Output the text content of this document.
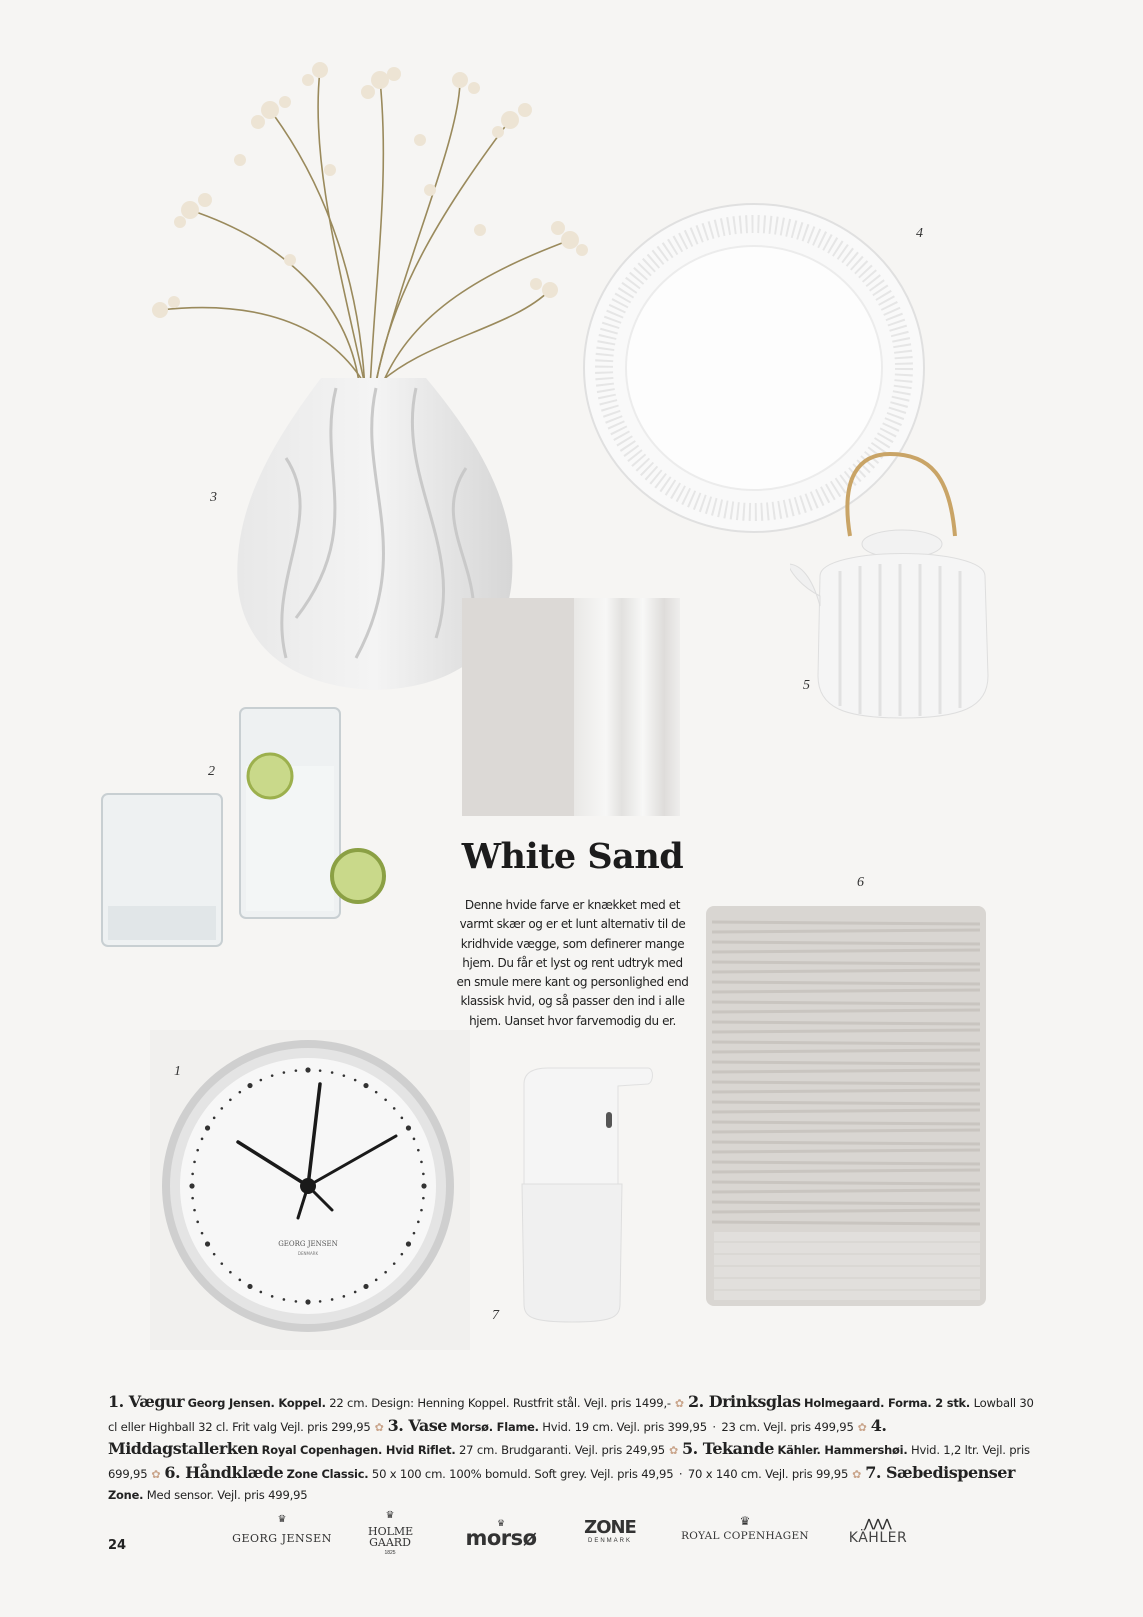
White Sand
Denne hvide farve er knækket med et varmt skær og er et lunt alternativ til de kridhvide vægge, som definerer mange hjem. Du får et lyst og rent udtryk med en smule mere kant og personlighed end klassisk hvid, og så passer den ind i alle hjem. Uanset hvor farvemodig du er.
GEORG JENSEN
DENMARK
1
2
3
4
5
6
7
1. Vægur Georg Jensen. Koppel. 22 cm. Design: Henning Koppel. Rustfrit stål. Vejl. pris 1499,- ✿ 2. Drinksglas Holmegaard. Forma. 2 stk. Lowball 30 cl eller Highball 32 cl. Frit valg Vejl. pris 299,95 ✿ 3. Vase Morsø. Flame. Hvid. 19 cm. Vejl. pris 399,95 · 23 cm. Vejl. pris 499,95 ✿ 4. Middagstallerken Royal Copenhagen. Hvid Riflet. 27 cm. Brudgaranti. Vejl. pris 249,95 ✿ 5. Tekande Kähler. Hammershøi. Hvid. 1,2 ltr. Vejl. pris 699,95 ✿ 6. Håndklæde Zone Classic. 50 x 100 cm. 100% bomuld. Soft grey. Vejl. pris 49,95 · 70 x 140 cm. Vejl. pris 99,95 ✿ 7. Sæbedispenser Zone. Med sensor. Vejl. pris 499,95
24
♛
GEORG JENSEN
♛
HOLME GAARD
1825
♛
morsø	ZONE
DENMARK
♛
ROYAL COPENHAGEN
⋀⋀⋀
KÄHLER
